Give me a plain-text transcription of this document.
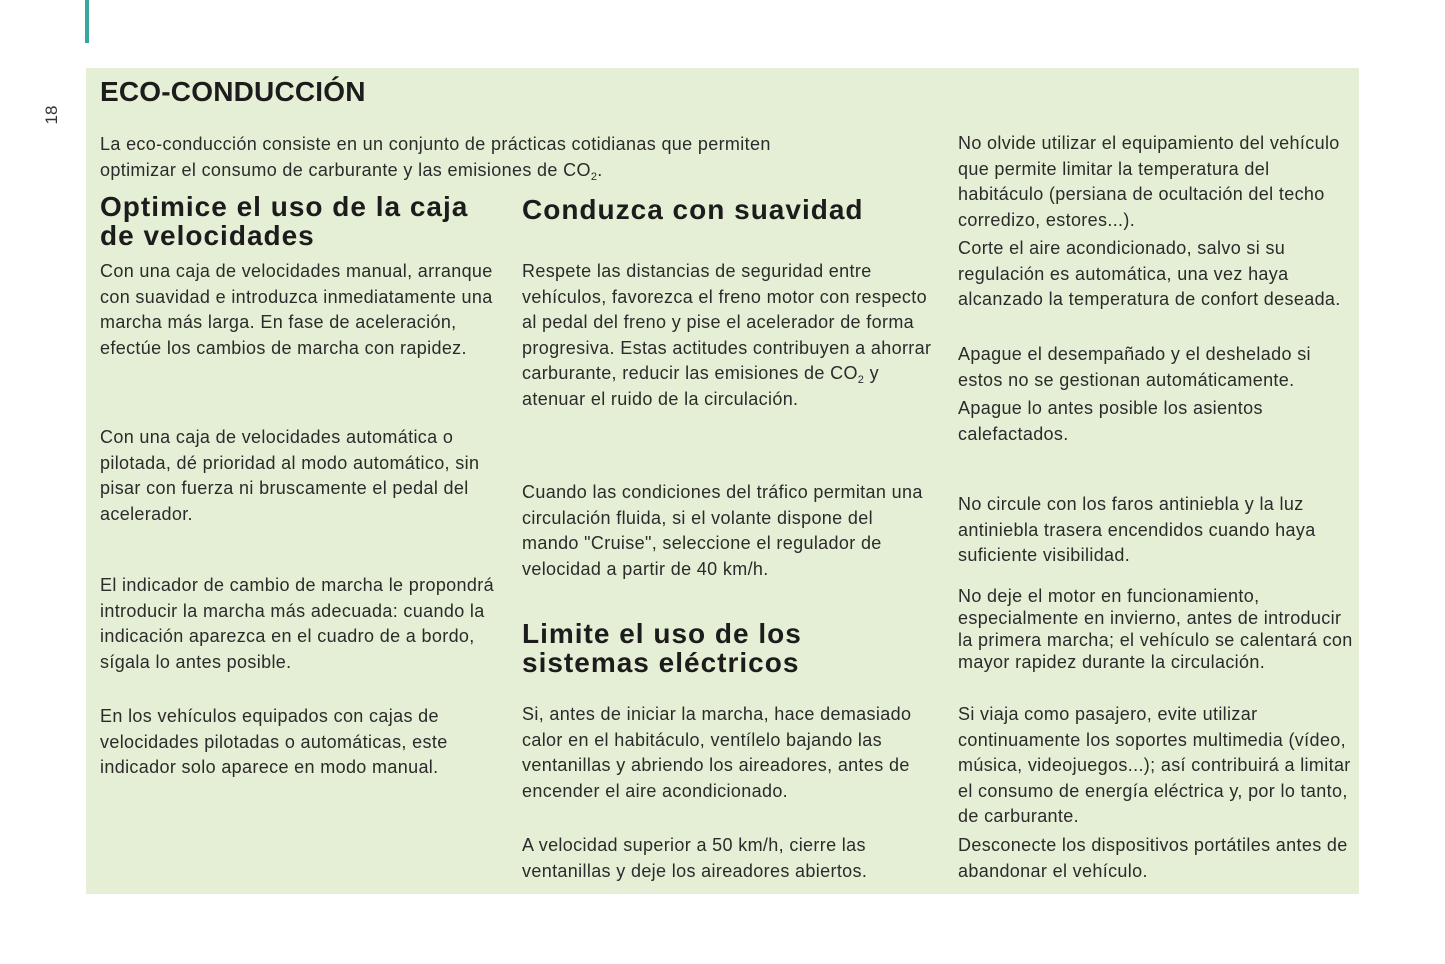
18
ECO-CONDUCCIÓN
La eco-conducción consiste en un conjunto de prácticas cotidianas que permiten
optimizar el consumo de carburante y las emisiones de $CO_2$.
Optimice el uso de la caja de velocidades

Con una caja de velocidades manual, arranque con suavidad e introduzca inmediatamente una marcha más larga. En fase de aceleración, efectúe los cambios de marcha con rapidez.

Con una caja de velocidades automática o pilotada, dé prioridad al modo automático, sin pisar con fuerza ni bruscamente el pedal del acelerador.

El indicador de cambio de marcha le propondrá introducir la marcha más adecuada: cuando la indicación aparezca en el cuadro de a bordo, sígala lo antes posible.

En los vehículos equipados con cajas de velocidades pilotadas o automáticas, este indicador solo aparece en modo manual.

Conduzca con suavidad

Respete las distancias de seguridad entre vehículos, favorezca el freno motor con respecto al pedal del freno y pise el acelerador de forma progresiva. Estas actitudes contribuyen a ahorrar carburante, reducir las emisiones de $CO_2$ y atenuar el ruido de la circulación.

Cuando las condiciones del tráfico permitan una circulación fluida, si el volante dispone del mando "Cruise", seleccione el regulador de velocidad a partir de 40 km/h.

Limite el uso de los sistemas eléctricos

Si, antes de iniciar la marcha, hace demasiado calor en el habitáculo, ventílelo bajando las ventanillas y abriendo los aireadores, antes de encender el aire acondicionado.

A velocidad superior a 50 km/h, cierre las ventanillas y deje los aireadores abiertos.

No olvide utilizar el equipamiento del vehículo que permite limitar la temperatura del habitáculo (persiana de ocultación del techo corredizo, estores...).

Corte el aire acondicionado, salvo si su regulación es automática, una vez haya alcanzado la temperatura de confort deseada.

Apague el desempañado y el deshelado si estos no se gestionan automáticamente.

Apague lo antes posible los asientos calefactados.

No circule con los faros antiniebla y la luz antiniebla trasera encendidos cuando haya suficiente visibilidad.

No deje el motor en funcionamiento, especialmente en invierno, antes de introducir la primera marcha; el vehículo se calentará con mayor rapidez durante la circulación.

Si viaja como pasajero, evite utilizar continuamente los soportes multimedia (vídeo, música, videojuegos...); así contribuirá a limitar el consumo de energía eléctrica y, por lo tanto, de carburante.

Desconecte los dispositivos portátiles antes de abandonar el vehículo.
